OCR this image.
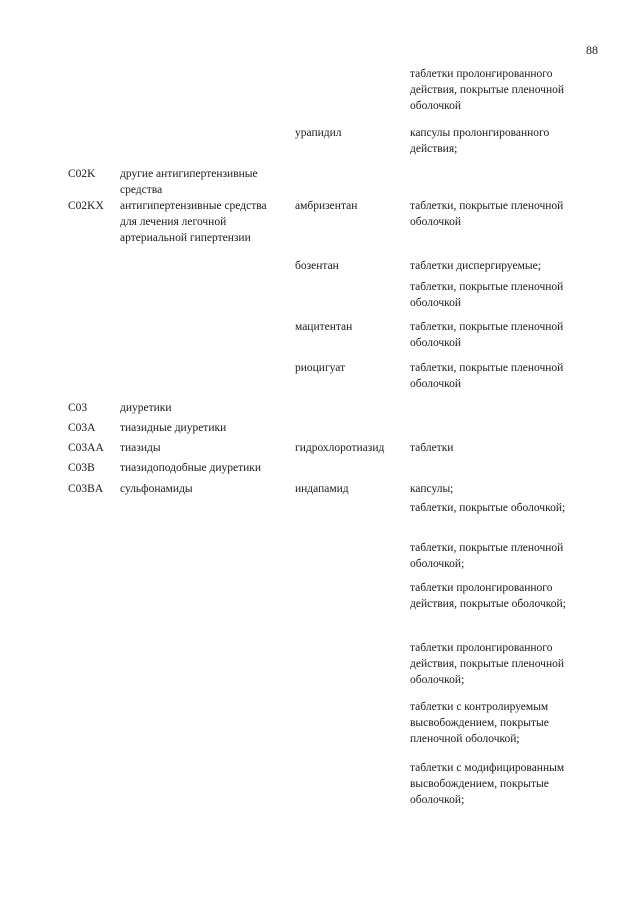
88
таблетки пролонгированного
действия, покрытые пленочной
оболочкой
урапидил	капсулы пролонгированного
действия;
C02K другие антигипертензивные
средства
C02KX антигипертензивные средства
для лечения легочной
артериальной гипертензии
амбризентан	таблетки, покрытые пленочной
оболочкой
бозентан	таблетки диспергируемые;
таблетки, покрытые пленочной
оболочкой
мацитентан	таблетки, покрытые пленочной
оболочкой
риоцигуат	таблетки, покрытые пленочной
оболочкой
C03	диуретики
C03A тиазидные диуретики
C03AA тиазиды	гидрохлоротиазид таблетки
C03B тиазидоподобные диуретики
C03BA сульфонамиды	индапамид	капсулы;
таблетки, покрытые оболочкой;
таблетки, покрытые пленочной
оболочкой;
таблетки пролонгированного
действия, покрытые оболочкой;
таблетки пролонгированного
действия, покрытые пленочной
оболочкой;
таблетки с контролируемым
высвобождением, покрытые
пленочной оболочкой;
таблетки с модифицированным
высвобождением, покрытые
оболочкой;
